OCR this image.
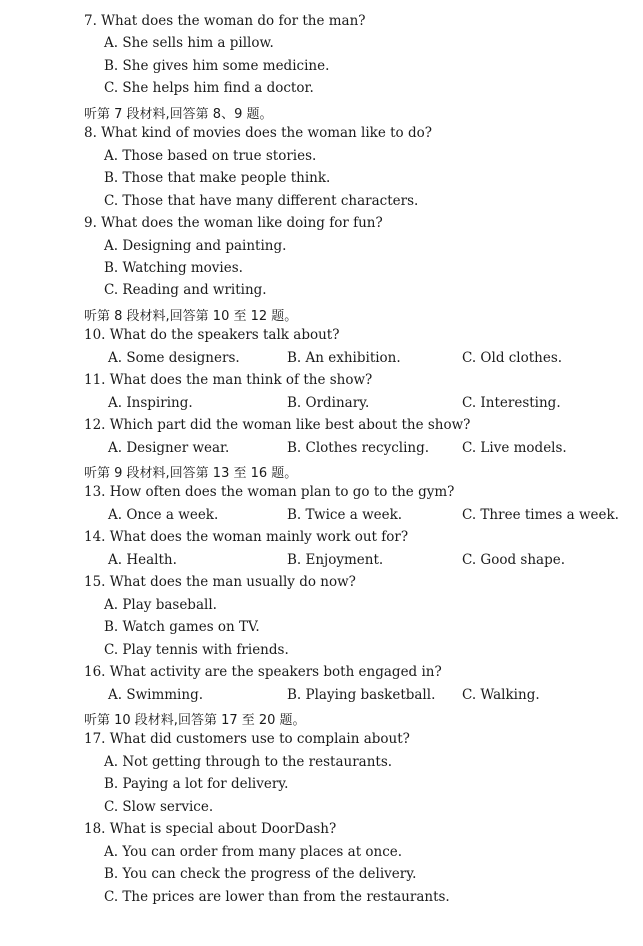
7. What does the woman do for the man?
A. She sells him a pillow.
B. She gives him some medicine.
C. She helps him find a doctor.
听第 7 段材料,回答第 8、9 题。
8. What kind of movies does the woman like to do?
A. Those based on true stories.
B. Those that make people think.
C. Those that have many different characters.
9. What does the woman like doing for fun?
A. Designing and painting.
B. Watching movies.
C. Reading and writing.
听第 8 段材料,回答第 10 至 12 题。
10. What do the speakers talk about?
A. Some designers.	B. An exhibition.	C. Old clothes.
11. What does the man think of the show?
A. Inspiring.	B. Ordinary.	C. Interesting.
12. Which part did the woman like best about the show?
A. Designer wear.	B. Clothes recycling. C. Live models.
听第 9 段材料,回答第 13 至 16 题。
13. How often does the woman plan to go to the gym?
A. Once a week.	B. Twice a week.	C. Three times a week.
14. What does the woman mainly work out for?
A. Health.	B. Enjoyment.	C. Good shape.
15. What does the man usually do now?
A. Play baseball.
B. Watch games on TV.
C. Play tennis with friends.
16. What activity are the speakers both engaged in?
A. Swimming.	B. Playing basketball. C. Walking.
听第 10 段材料,回答第 17 至 20 题。
17. What did customers use to complain about?
A. Not getting through to the restaurants.
B. Paying a lot for delivery.
C. Slow service.
18. What is special about DoorDash?
A. You can order from many places at once.
B. You can check the progress of the delivery.
C. The prices are lower than from the restaurants.
